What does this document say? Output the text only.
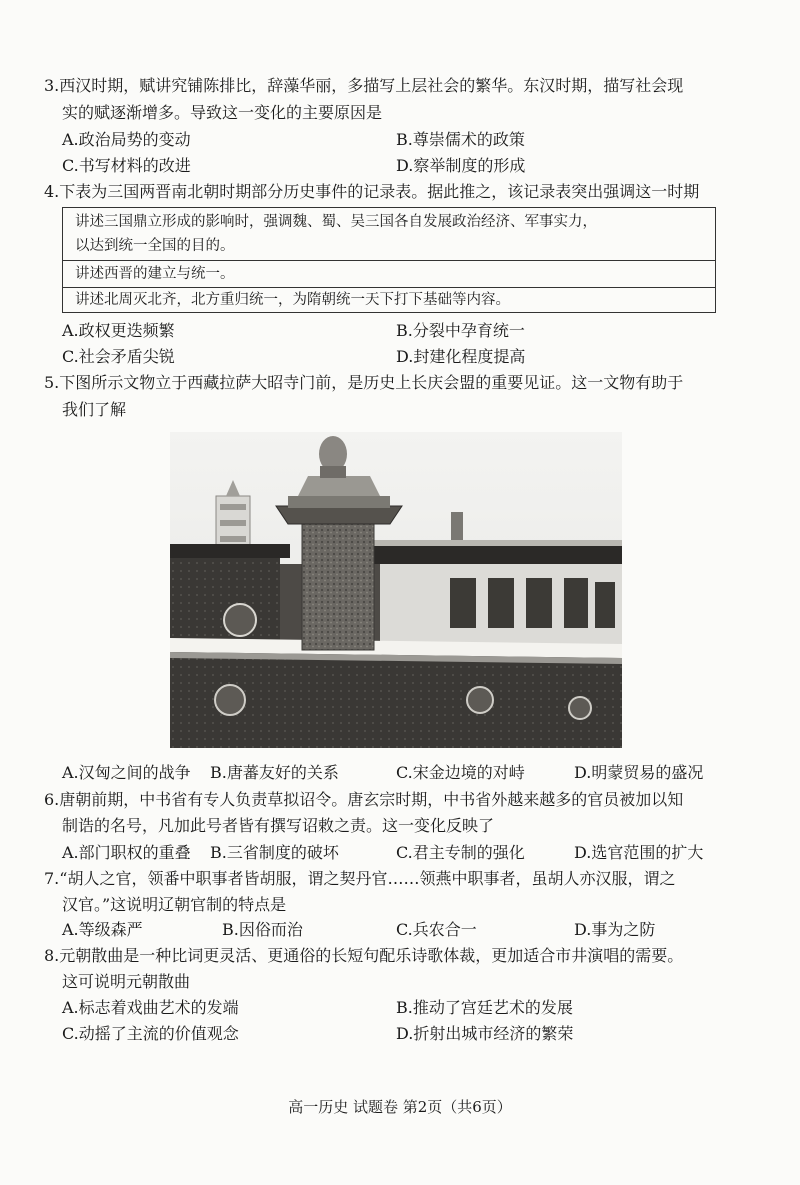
3.西汉时期，赋讲究铺陈排比，辞藻华丽，多描写上层社会的繁华。东汉时期，描写社会现
实的赋逐渐增多。导致这一变化的主要原因是
A.政治局势的变动	B.尊崇儒术的政策
C.书写材料的改进	D.察举制度的形成
4.下表为三国两晋南北朝时期部分历史事件的记录表。据此推之，该记录表突出强调这一时期
讲述三国鼎立形成的影响时，强调魏、蜀、吴三国各自发展政治经济、军事实力，
以达到统一全国的目的。
讲述西晋的建立与统一。
讲述北周灭北齐，北方重归统一，为隋朝统一天下打下基础等内容。
A.政权更迭频繁	B.分裂中孕育统一
C.社会矛盾尖锐	D.封建化程度提高
5.下图所示文物立于西藏拉萨大昭寺门前，是历史上长庆会盟的重要见证。这一文物有助于
我们了解
A.汉匈之间的战争 B.唐蕃友好的关系	C.宋金边境的对峙	D.明蒙贸易的盛况
6.唐朝前期，中书省有专人负责草拟诏令。唐玄宗时期，中书省外越来越多的官员被加以知
制诰的名号，凡加此号者皆有撰写诏敕之责。这一变化反映了
A.部门职权的重叠 B.三省制度的破坏	C.君主专制的强化	D.选官范围的扩大
7.“胡人之官，领番中职事者皆胡服，谓之契丹官……领燕中职事者，虽胡人亦汉服，谓之
汉官。”这说明辽朝官制的特点是
A.等级森严	B.因俗而治	C.兵农合一	D.事为之防
8.元朝散曲是一种比词更灵活、更通俗的长短句配乐诗歌体裁，更加适合市井演唱的需要。
这可说明元朝散曲
A.标志着戏曲艺术的发端	B.推动了宫廷艺术的发展
C.动摇了主流的价值观念	D.折射出城市经济的繁荣
高一历史 试题卷 第2页（共6页）
